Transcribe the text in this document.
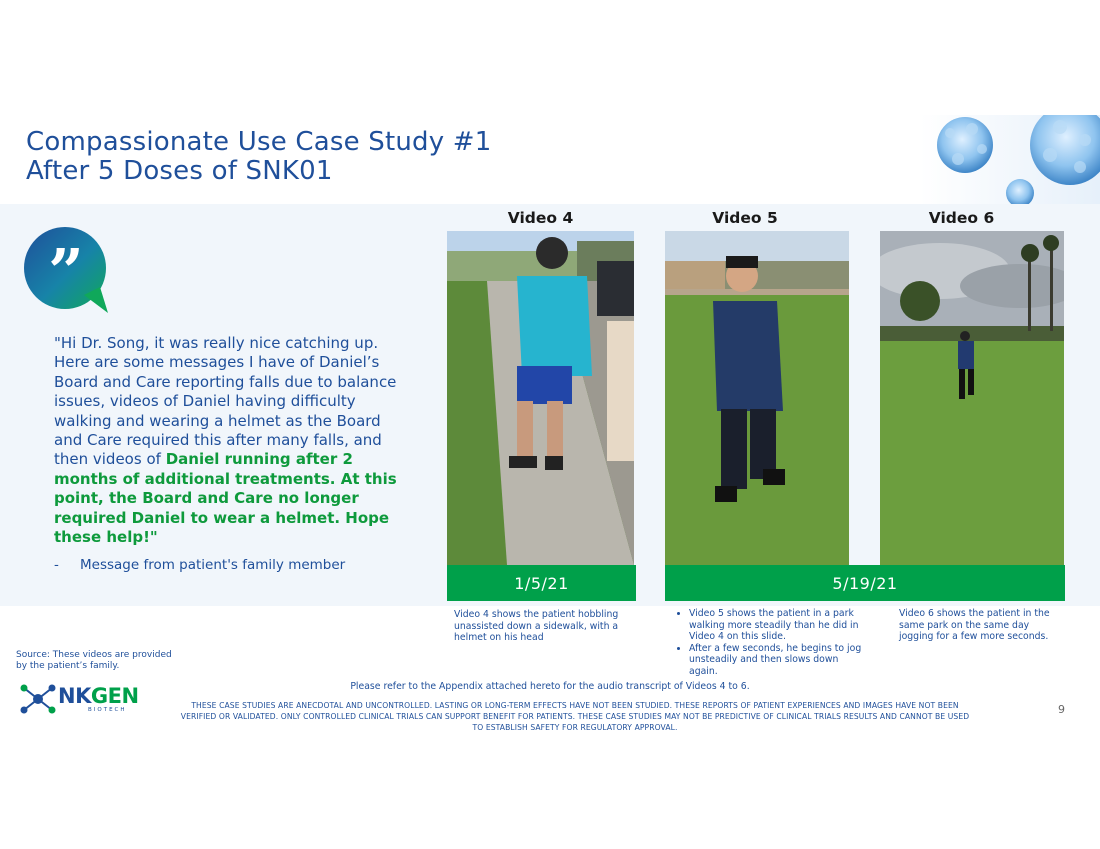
Compassionate Use Case Study #1
After 5 Doses of SNK01
”
"Hi Dr. Song, it was really nice catching up. Here are some messages I have of Daniel’s Board and Care reporting falls due to balance issues, videos of Daniel having difficulty walking and wearing a helmet as the Board and Care required this after many falls, and then videos of Daniel running after 2 months of additional treatments. At this point, the Board and Care no longer required Daniel to wear a helmet. Hope these help!"
- Message from patient's family member
Video 4	Video 5	Video 6
1/5/21	5/19/21
Video 4 shows the patient hobbling unassisted down a sidewalk, with a helmet on his head
• Video 5 shows the patient in a park walking more steadily than he did in Video 4 on this slide.
• After a few seconds, he begins to jog unsteadily and then slows down again.
Video 6 shows the patient in the same park on the same day jogging for a few more seconds.
Source: These videos are provided by the patient’s family.
NKGEN
BIOTECH
Please refer to the Appendix attached hereto for the audio transcript of Videos 4 to 6.
THESE CASE STUDIES ARE ANECDOTAL AND UNCONTROLLED. LASTING OR LONG-TERM EFFECTS HAVE NOT BEEN STUDIED. THESE REPORTS OF PATIENT EXPERIENCES AND IMAGES HAVE NOT BEEN VERIFIED OR VALIDATED. ONLY CONTROLLED CLINICAL TRIALS CAN SUPPORT BENEFIT FOR PATIENTS. THESE CASE STUDIES MAY NOT BE PREDICTIVE OF CLINICAL TRIALS RESULTS AND CANNOT BE USED TO ESTABLISH SAFETY FOR REGULATORY APPROVAL.
9
